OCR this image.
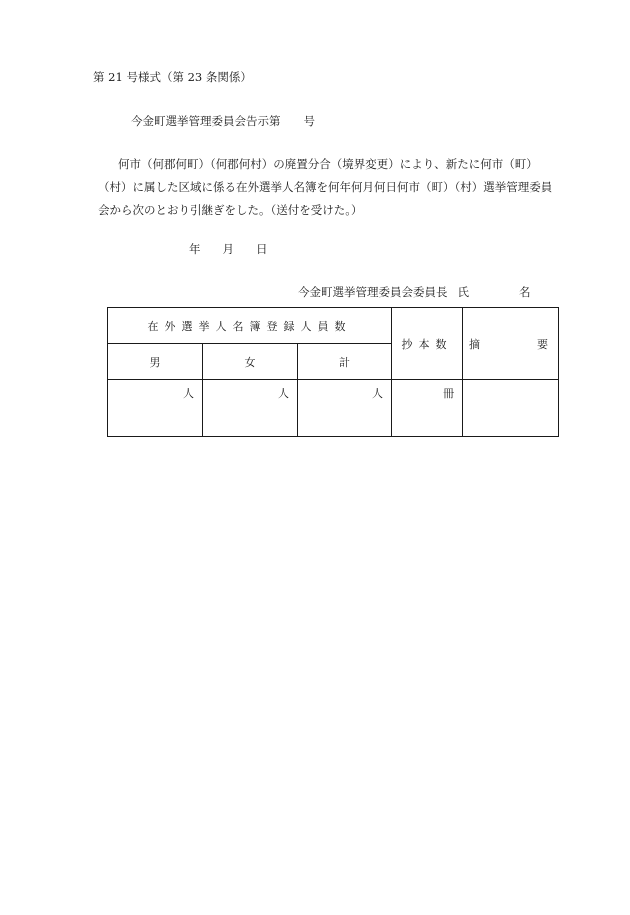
第 21 号様式（第 23 条関係）
今金町選挙管理委員会告示第　　号
何市（何郡何町）（何郡何村）の廃置分合（境界変更）により、新たに何市（町）（村）に属した区域に係る在外選挙人名簿を何年何月何日何市（町）（村）選挙管理委員会から次のとおり引継ぎをした。（送付を受けた。）
年 月 日
今金町選挙管理委員会委員長 氏	名
在外選挙人名簿登録人員数			抄本数	摘 要

男	女	計		
人	人	人	冊	
